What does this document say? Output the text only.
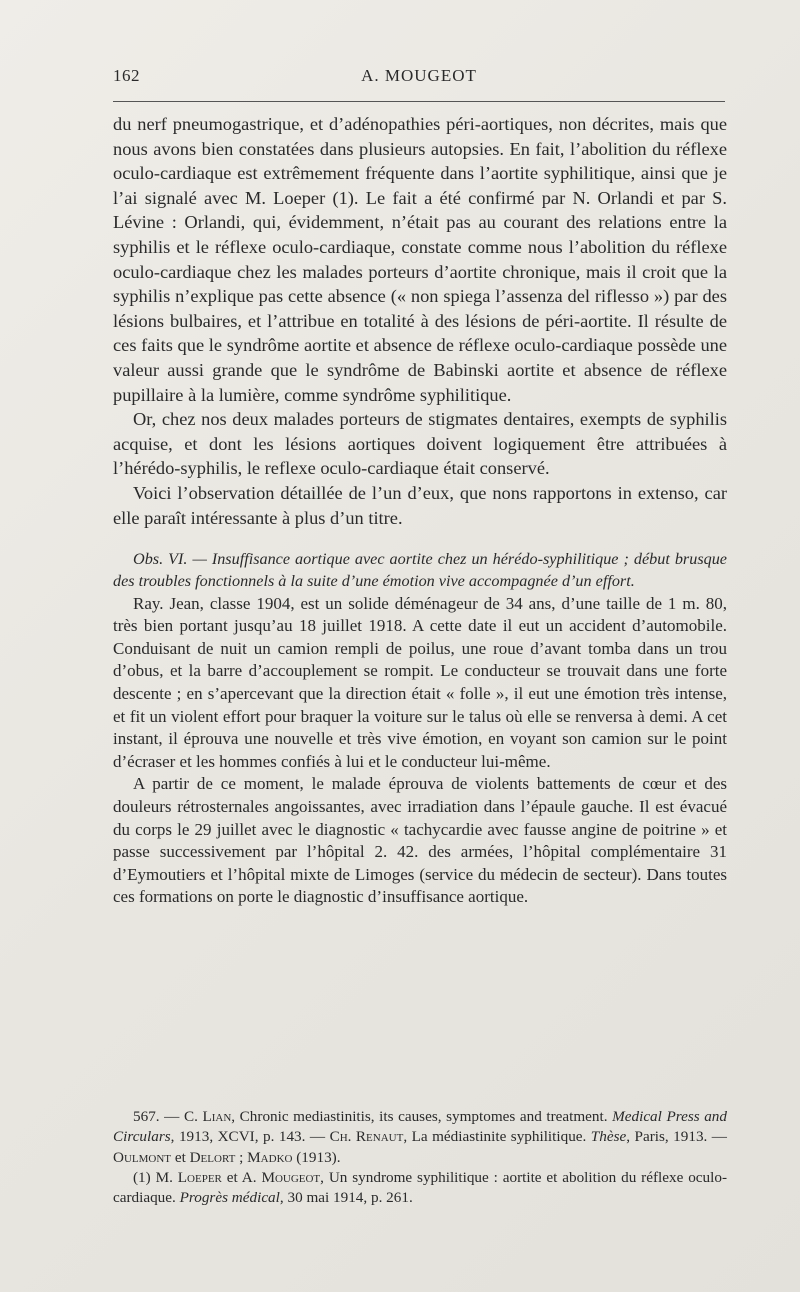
162	A. MOUGEOT

du nerf pneumogastrique, et d’adénopathies péri-aortiques, non décrites, mais que nous avons bien constatées dans plusieurs autopsies. En fait, l’abolition du réflexe oculo-cardiaque est extrêmement fréquente dans l’aortite syphilitique, ainsi que je l’ai signalé avec M. Loeper (1). Le fait a été confirmé par N. Orlandi et par S. Lévine : Orlandi, qui, évidemment, n’était pas au courant des relations entre la syphilis et le réflexe oculo-cardiaque, constate comme nous l’abolition du réflexe oculo-cardiaque chez les malades porteurs d’aortite chronique, mais il croit que la syphilis n’explique pas cette absence (« non spiega l’assenza del riflesso ») par des lésions bulbaires, et l’attribue en totalité à des lésions de péri-aortite. Il résulte de ces faits que le syndrôme aortite et absence de réflexe oculo-cardiaque possède une valeur aussi grande que le syndrôme de Babinski aortite et absence de réflexe pupillaire à la lumière, comme syndrôme syphilitique.

Or, chez nos deux malades porteurs de stigmates dentaires, exempts de syphilis acquise, et dont les lésions aortiques doivent logiquement être attribuées à l’hérédo-syphilis, le reflexe oculo-cardiaque était conservé.

Voici l’observation détaillée de l’un d’eux, que nons rapportons in extenso, car elle paraît intéressante à plus d’un titre.

Obs. VI. — Insuffisance aortique avec aortite chez un hérédo-syphilitique ; début brusque des troubles fonctionnels à la suite d’une émotion vive accompagnée d’un effort.

Ray. Jean, classe 1904, est un solide déménageur de 34 ans, d’une taille de 1 m. 80, très bien portant jusqu’au 18 juillet 1918. A cette date il eut un accident d’automobile. Conduisant de nuit un camion rempli de poilus, une roue d’avant tomba dans un trou d’obus, et la barre d’accouplement se rompit. Le conducteur se trouvait dans une forte descente ; en s’apercevant que la direction était « folle », il eut une émotion très intense, et fit un violent effort pour braquer la voiture sur le talus où elle se renversa à demi. A cet instant, il éprouva une nouvelle et très vive émotion, en voyant son camion sur le point d’écraser et les hommes confiés à lui et le conducteur lui-même.

A partir de ce moment, le malade éprouva de violents battements de cœur et des douleurs rétrosternales angoissantes, avec irradiation dans l’épaule gauche. Il est évacué du corps le 29 juillet avec le diagnostic « tachycardie avec fausse angine de poitrine » et passe successivement par l’hôpital 2. 42. des armées, l’hôpital complémentaire 31 d’Eymoutiers et l’hôpital mixte de Limoges (service du médecin de secteur). Dans toutes ces formations on porte le diagnostic d’insuffisance aortique.

567. — C. Lian, Chronic mediastinitis, its causes, symptomes and treatment. Medical Press and Circulars, 1913, XCVI, p. 143. — Ch. Renaut, La médiastinite syphilitique. Thèse, Paris, 1913. — Oulmont et Delort ; Madko (1913).

(1) M. Loeper et A. Mougeot, Un syndrome syphilitique : aortite et abolition du réflexe oculo-cardiaque. Progrès médical, 30 mai 1914, p. 261.
